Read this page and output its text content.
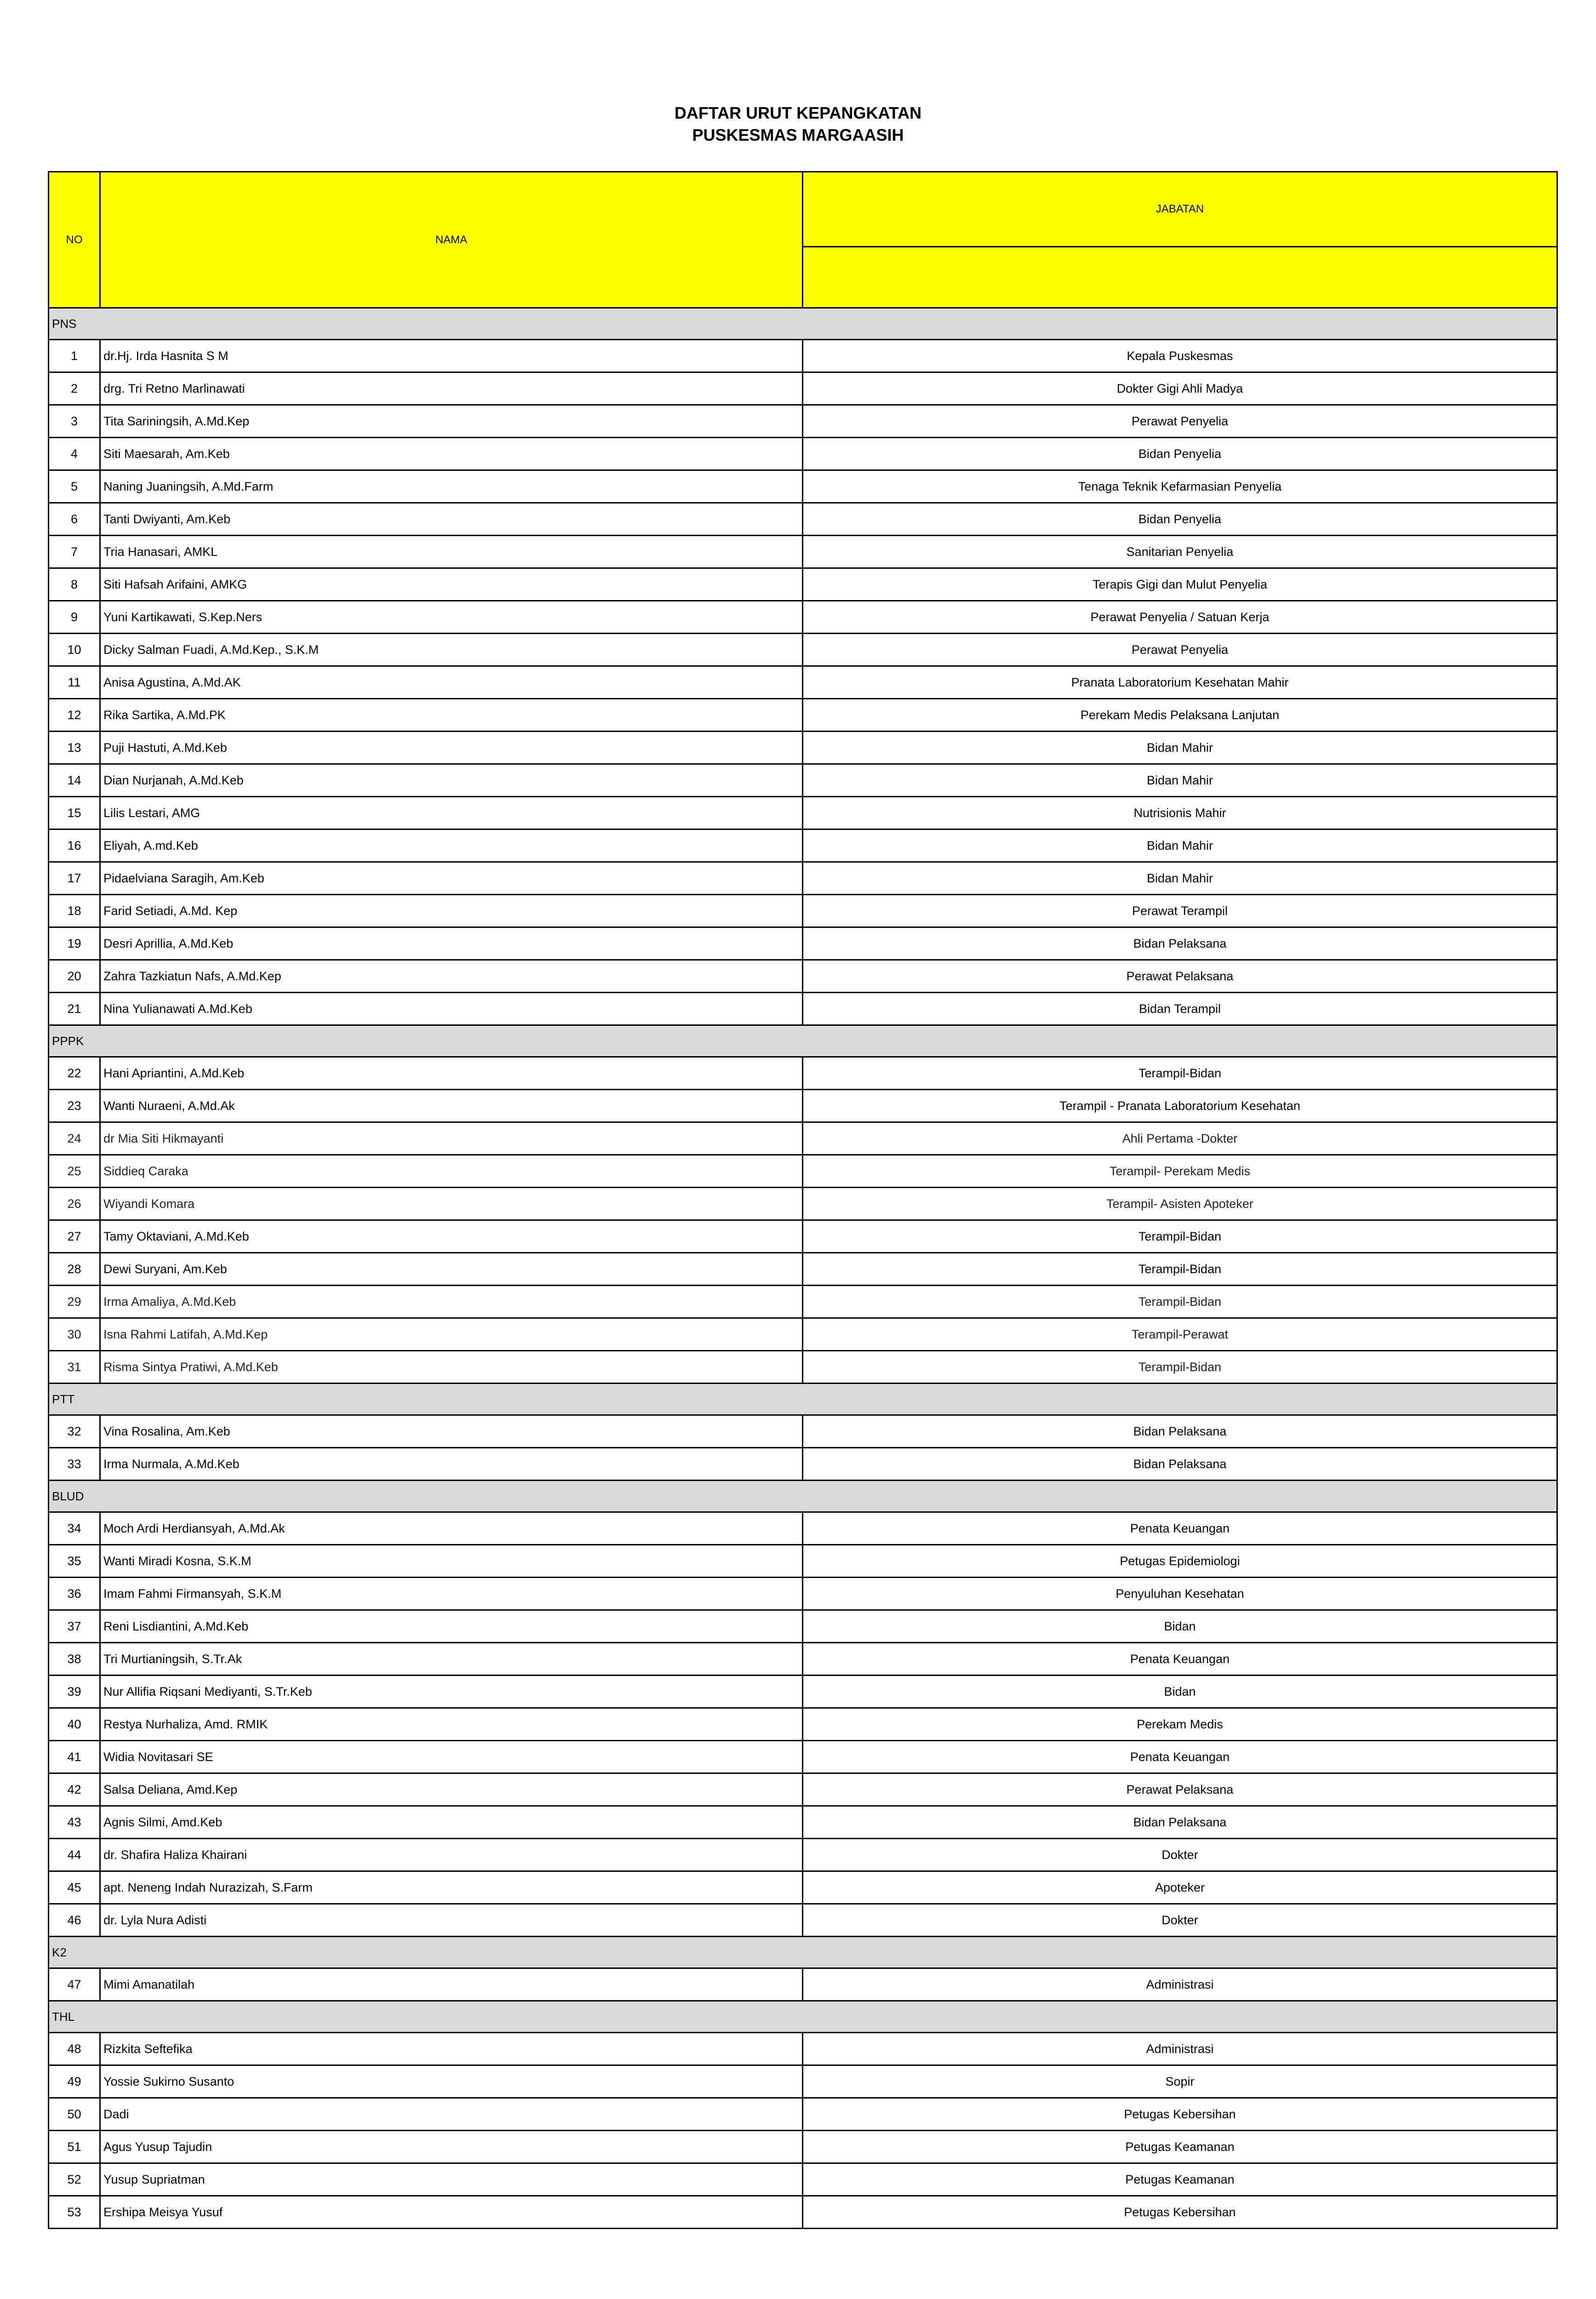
DAFTAR URUT KEPANGKATAN
PUSKESMAS MARGAASIH
NO	NAMA	JABATAN

PNS		
1	dr.Hj. Irda Hasnita S M	Kepala Puskesmas
2	drg. Tri Retno Marlinawati	Dokter Gigi Ahli Madya
3	Tita Sariningsih, A.Md.Kep	Perawat Penyelia
4	Siti Maesarah, Am.Keb	Bidan Penyelia
5	Naning Juaningsih, A.Md.Farm	Tenaga Teknik Kefarmasian Penyelia
6	Tanti Dwiyanti, Am.Keb	Bidan Penyelia
7	Tria Hanasari, AMKL	Sanitarian Penyelia
8	Siti Hafsah Arifaini, AMKG	Terapis Gigi dan Mulut Penyelia
9	Yuni Kartikawati, S.Kep.Ners	Perawat Penyelia / Satuan Kerja
10	Dicky Salman Fuadi, A.Md.Kep., S.K.M	Perawat Penyelia
11	Anisa Agustina, A.Md.AK	Pranata Laboratorium Kesehatan Mahir
12	Rika Sartika, A.Md.PK	Perekam Medis Pelaksana Lanjutan
13	Puji Hastuti, A.Md.Keb	Bidan Mahir
14	Dian Nurjanah, A.Md.Keb	Bidan Mahir
15	Lilis Lestari, AMG	Nutrisionis Mahir
16	Eliyah, A.md.Keb	Bidan Mahir
17	Pidaelviana Saragih, Am.Keb	Bidan Mahir
18	Farid Setiadi, A.Md. Kep	Perawat Terampil
19	Desri Aprillia, A.Md.Keb	Bidan Pelaksana
20	Zahra Tazkiatun Nafs, A.Md.Kep	Perawat Pelaksana
21	Nina Yulianawati A.Md.Keb	Bidan Terampil
PPPK		
22	Hani Apriantini, A.Md.Keb	Terampil-Bidan
23	Wanti Nuraeni, A.Md.Ak	Terampil - Pranata Laboratorium Kesehatan
24	dr Mia Siti Hikmayanti	Ahli Pertama -Dokter
25	Siddieq Caraka	Terampil- Perekam Medis
26	Wiyandi Komara	Terampil- Asisten Apoteker
27	Tamy Oktaviani, A.Md.Keb	Terampil-Bidan
28	Dewi Suryani, Am.Keb	Terampil-Bidan
29	Irma Amaliya, A.Md.Keb	Terampil-Bidan
30	Isna Rahmi Latifah, A.Md.Kep	Terampil-Perawat
31	Risma Sintya Pratiwi, A.Md.Keb	Terampil-Bidan
PTT		
32	Vina Rosalina, Am.Keb	Bidan Pelaksana
33	Irma Nurmala, A.Md.Keb	Bidan Pelaksana
BLUD		
34	Moch Ardi Herdiansyah, A.Md.Ak	Penata Keuangan
35	Wanti Miradi Kosna, S.K.M	Petugas Epidemiologi
36	Imam Fahmi Firmansyah, S.K.M	Penyuluhan Kesehatan
37	Reni Lisdiantini, A.Md.Keb	Bidan
38	Tri Murtianingsih, S.Tr.Ak	Penata Keuangan
39	Nur Allifia Riqsani Mediyanti, S.Tr.Keb	Bidan
40	Restya Nurhaliza, Amd. RMIK	Perekam Medis
41	Widia Novitasari SE	Penata Keuangan
42	Salsa Deliana, Amd.Kep	Perawat Pelaksana
43	Agnis Silmi, Amd.Keb	Bidan Pelaksana
44	dr. Shafira Haliza Khairani	Dokter
45	apt. Neneng Indah Nurazizah, S.Farm	Apoteker
46	dr. Lyla Nura Adisti	Dokter
K2		
47	Mimi Amanatilah	Administrasi
THL		
48	Rizkita Seftefika	Administrasi
49	Yossie Sukirno Susanto	Sopir
50	Dadi	Petugas Kebersihan
51	Agus Yusup Tajudin	Petugas Keamanan
52	Yusup Supriatman	Petugas Keamanan
53	Ershipa Meisya Yusuf	Petugas Kebersihan
